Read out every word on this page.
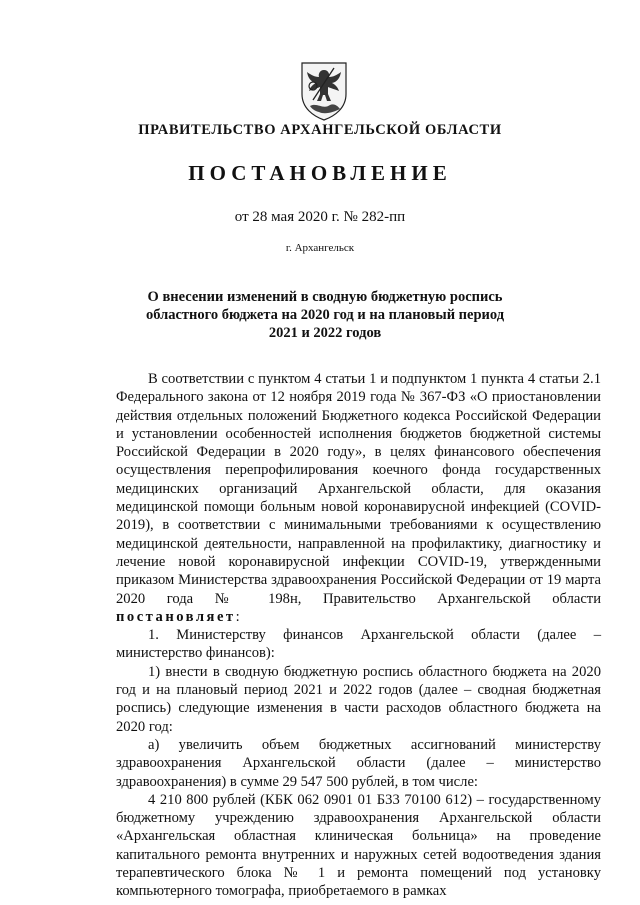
ПРАВИТЕЛЬСТВО АРХАНГЕЛЬСКОЙ ОБЛАСТИ
ПОСТАНОВЛЕНИЕ
от 28 мая 2020 г. № 282-пп
г. Архангельск
О внесении изменений в сводную бюджетную роспись
областного бюджета на 2020 год и на плановый период
2021 и 2022 годов

В соответствии с пунктом 4 статьи 1 и подпунктом 1 пункта 4 статьи 2.1 Федерального закона от 12 ноября 2019 года № 367-ФЗ «О приостановлении действия отдельных положений Бюджетного кодекса Российской Федерации и установлении особенностей исполнения бюджетов бюджетной системы Российской Федерации в 2020 году», в целях финансового обеспечения осуществления перепрофилирования коечного фонда государственных медицинских организаций Архангельской области, для оказания медицинской помощи больным новой коронавирусной инфекцией (COVID-2019), в соответствии с минимальными требованиями к осуществлению медицинской деятельности, направленной на профилактику, диагностику и лечение новой коронавирусной инфекции COVID-19, утвержденными приказом Министерства здравоохранения Российской Федерации от 19 марта 2020 года № 198н, Правительство Архангельской области постановляет:

1. Министерству финансов Архангельской области (далее – министерство финансов):

1) внести в сводную бюджетную роспись областного бюджета на 2020 год и на плановый период 2021 и 2022 годов (далее – сводная бюджетная роспись) следующие изменения в части расходов областного бюджета на 2020 год:

а) увеличить объем бюджетных ассигнований министерству здравоохранения Архангельской области (далее – министерство здравоохранения) в сумме 29 547 500 рублей, в том числе:

4 210 800 рублей (КБК 062 0901 01 Б33 70100 612) – государственному бюджетному учреждению здравоохранения Архангельской области «Архангельская областная клиническая больница» на проведение капитального ремонта внутренних и наружных сетей водоотведения здания терапевтического блока № 1 и ремонта помещений под установку компьютерного томографа, приобретаемого в рамках
